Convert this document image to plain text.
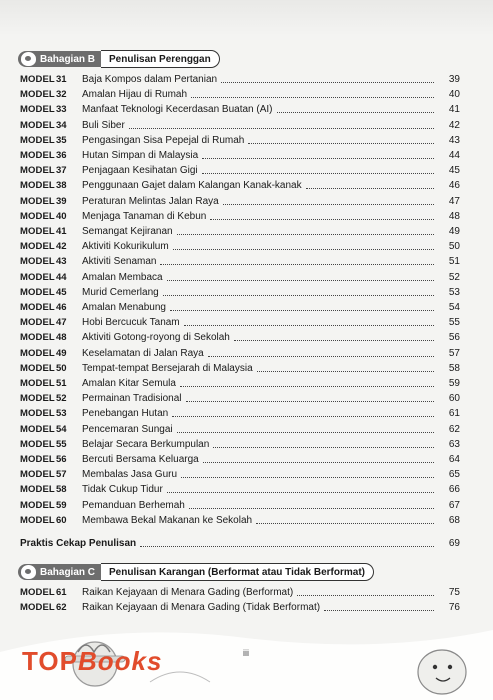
Bahagian B	Penulisan Perenggan
MODEL 31	Baja Kompos dalam Pertanian	39
MODEL 32	Amalan Hijau di Rumah	40
MODEL 33	Manfaat Teknologi Kecerdasan Buatan (AI)	41
MODEL 34	Buli Siber	42
MODEL 35	Pengasingan Sisa Pepejal di Rumah	43
MODEL 36	Hutan Simpan di Malaysia	44
MODEL 37	Penjagaan Kesihatan Gigi	45
MODEL 38	Penggunaan Gajet dalam Kalangan Kanak-kanak	46
MODEL 39	Peraturan Melintas Jalan Raya	47
MODEL 40	Menjaga Tanaman di Kebun	48
MODEL 41	Semangat Kejiranan	49
MODEL 42	Aktiviti Kokurikulum	50
MODEL 43	Aktiviti Senaman	51
MODEL 44	Amalan Membaca	52
MODEL 45	Murid Cemerlang	53
MODEL 46	Amalan Menabung	54
MODEL 47	Hobi Bercucuk Tanam	55
MODEL 48	Aktiviti Gotong-royong di Sekolah	56
MODEL 49	Keselamatan di Jalan Raya	57
MODEL 50	Tempat-tempat Bersejarah di Malaysia	58
MODEL 51	Amalan Kitar Semula	59
MODEL 52	Permainan Tradisional	60
MODEL 53	Penebangan Hutan	61
MODEL 54	Pencemaran Sungai	62
MODEL 55	Belajar Secara Berkumpulan	63
MODEL 56	Bercuti Bersama Keluarga	64
MODEL 57	Membalas Jasa Guru	65
MODEL 58	Tidak Cukup Tidur	66
MODEL 59	Pemanduan Berhemah	67
MODEL 60	Membawa Bekal Makanan ke Sekolah	68
Praktis Cekap Penulisan	69
Bahagian C	Penulisan Karangan (Berformat atau Tidak Berformat)
MODEL 61	Raikan Kejayaan di Menara Gading (Berformat)	75
MODEL 62	Raikan Kejayaan di Menara Gading (Tidak Berformat)	76
TOPBooks	iii
